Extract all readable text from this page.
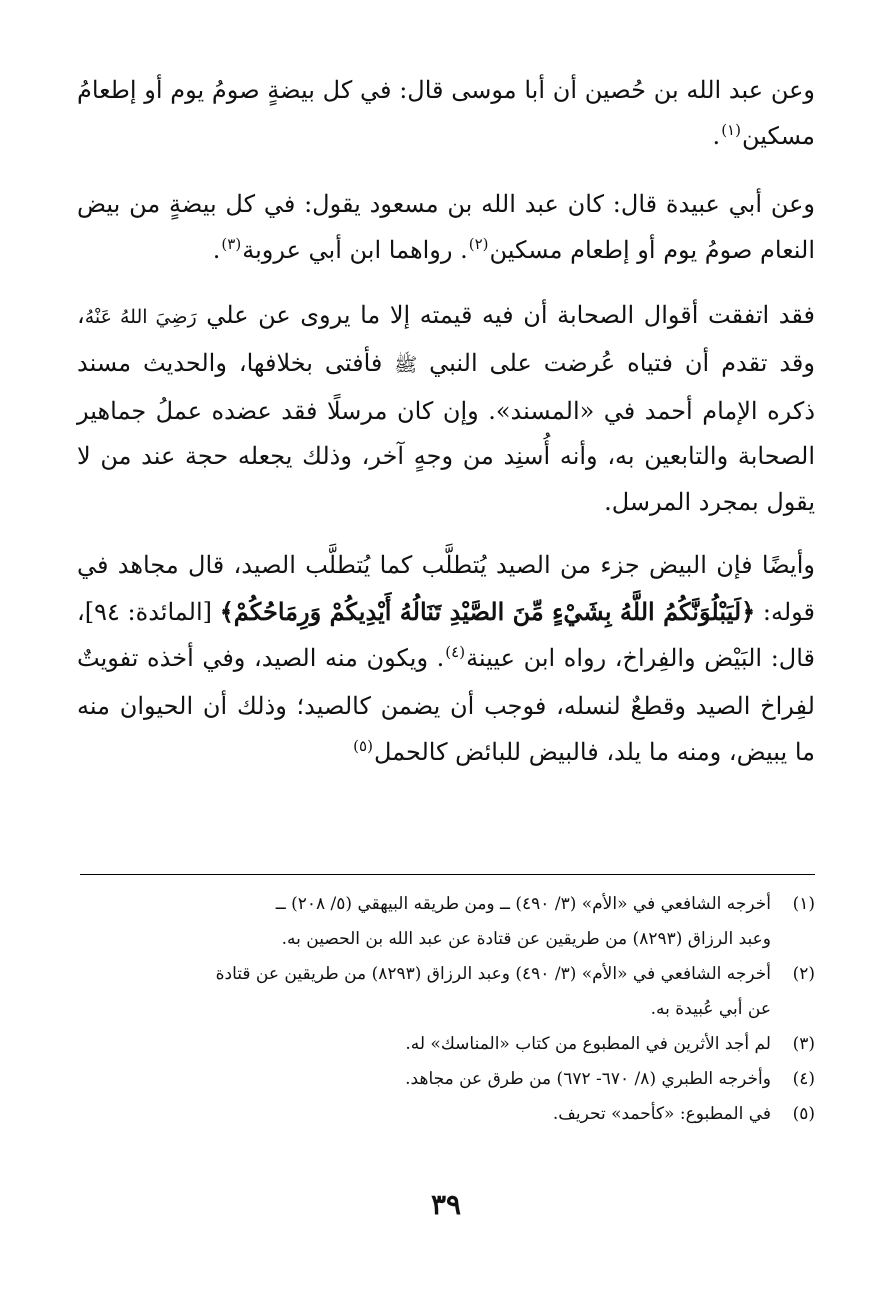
وعن عبد الله بن حُصين أن أبا موسى قال: في كل بيضةٍ صومُ يوم أو إطعامُ مسكين$^{(١)}$.

وعن أبي عبيدة قال: كان عبد الله بن مسعود يقول: في كل بيضةٍ من بيض النعام صومُ يوم أو إطعام مسكين$^{(٢)}$. رواهما ابن أبي عروبة$^{(٣)}$.

فقد اتفقت أقوال الصحابة أن فيه قيمته إلا ما يروى عن علي رَضِيَ اللهُ عَنْهُ، وقد تقدم أن فتياه عُرضت على النبي ﷺ فأفتى بخلافها، والحديث مسند ذكره الإمام أحمد في «المسند». وإن كان مرسلًا فقد عضده عملُ جماهير الصحابة والتابعين به، وأنه أُسنِد من وجهٍ آخر، وذلك يجعله حجة عند من لا يقول بمجرد المرسل.

وأيضًا فإن البيض جزء من الصيد يُتطلَّب كما يُتطلَّب الصيد، قال مجاهد في قوله: ﴿لَيَبْلُوَنَّكُمُ اللَّهُ بِشَيْءٍ مِّنَ الصَّيْدِ تَنَالُهُ أَيْدِيكُمْ وَرِمَاحُكُمْ﴾ [المائدة: ٩٤]، قال: البَيْض والفِراخ، رواه ابن عيينة$^{(٤)}$. ويكون منه الصيد، وفي أخذه تفويتٌ لفِراخ الصيد وقطعٌ لنسله، فوجب أن يضمن كالصيد؛ وذلك أن الحيوان منه ما يبيض، ومنه ما يلد، فالبيض للبائض كالحمل$^{(٥)}$

(١)
أخرجه الشافعي في «الأم» (٣/ ٤٩٠) ــ ومن طريقه البيهقي (٥/ ٢٠٨) ــ
وعبد الرزاق (٨٢٩٣) من طريقين عن قتادة عن عبد الله بن الحصين به.

(٢)
أخرجه الشافعي في «الأم» (٣/ ٤٩٠) وعبد الرزاق (٨٢٩٣) من طريقين عن قتادة
عن أبي عُبيدة به.

(٣)
لم أجد الأثرين في المطبوع من كتاب «المناسك» له.

(٤)
وأخرجه الطبري (٨/ ٦٧٠- ٦٧٢) من طرق عن مجاهد.

(٥)
في المطبوع: «كأحمد» تحريف.

٣٩
